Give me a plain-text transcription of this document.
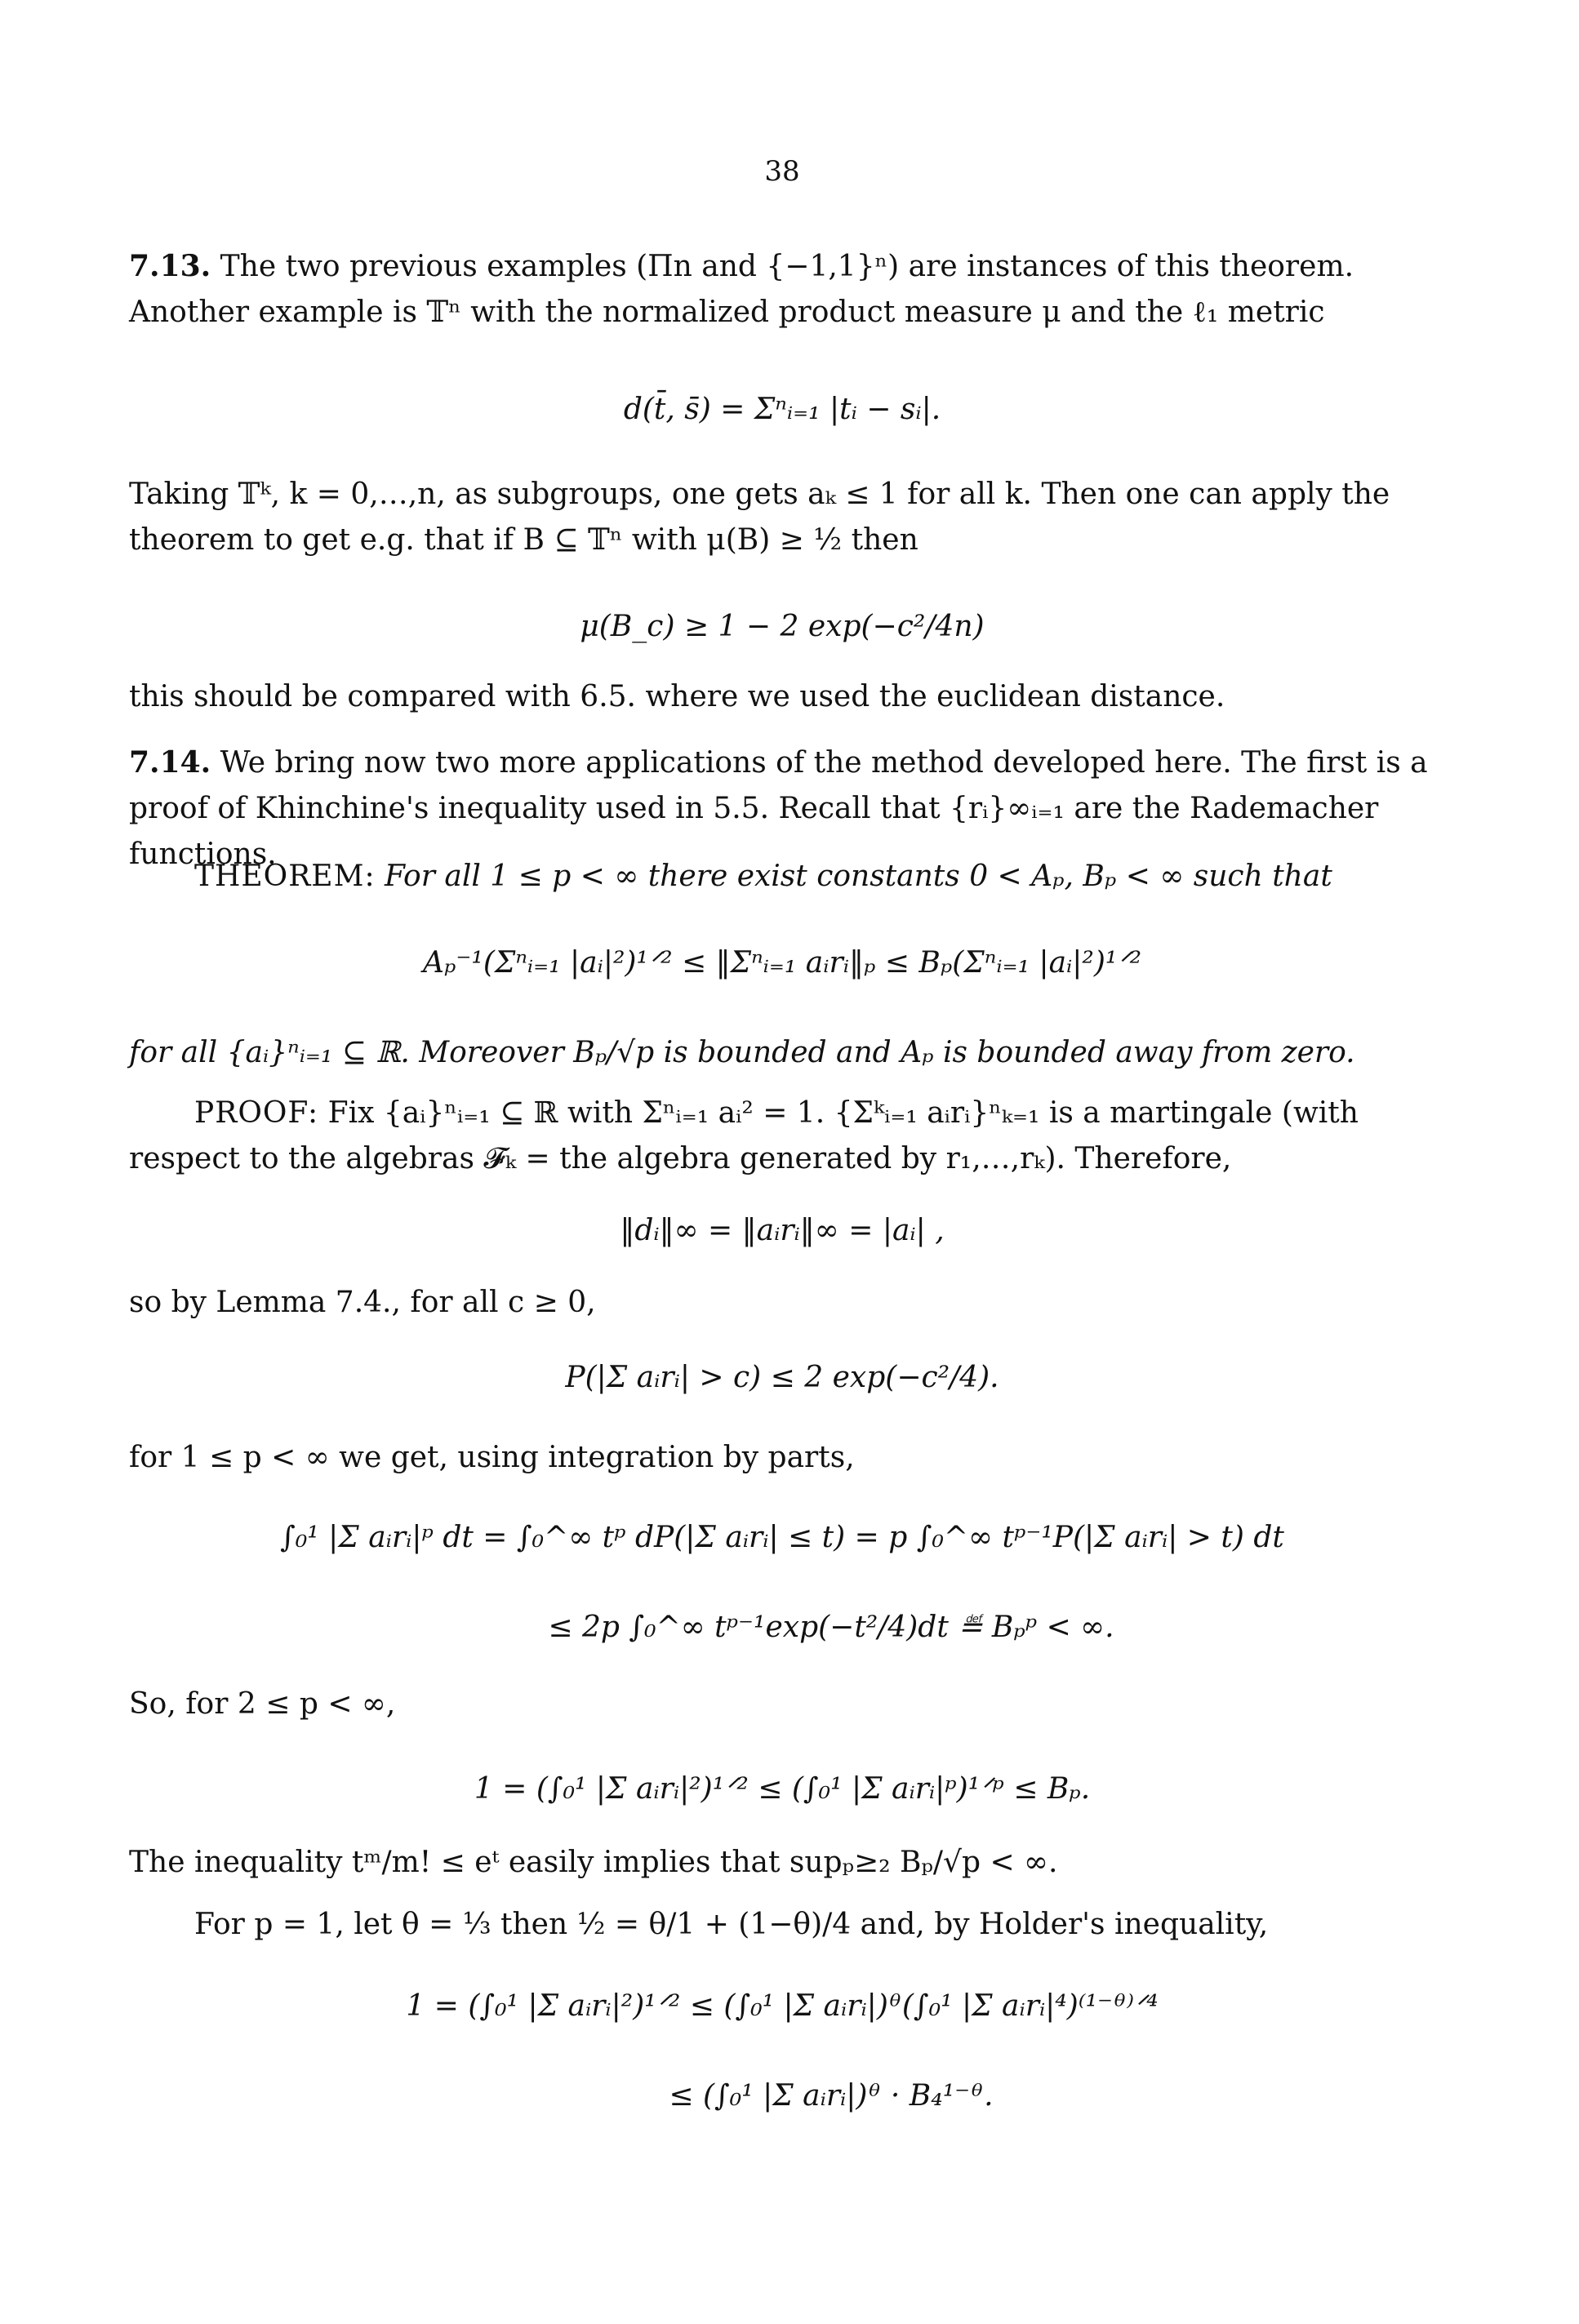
38

7.13. The two previous examples (Πn and {−1,1}ⁿ) are instances of this theorem. Another example is 𝕋ⁿ with the normalized product measure μ and the ℓ₁ metric

d(t̄, s̄) = Σⁿᵢ₌₁ |tᵢ − sᵢ|.

Taking 𝕋ᵏ, k = 0,…,n, as subgroups, one gets aₖ ≤ 1 for all k. Then one can apply the theorem to get e.g. that if B ⊆ 𝕋ⁿ with μ(B) ≥ ½ then

μ(B_c) ≥ 1 − 2 exp(−c²/4n)

this should be compared with 6.5. where we used the euclidean distance.

7.14. We bring now two more applications of the method developed here. The first is a proof of Khinchine's inequality used in 5.5. Recall that {rᵢ}∞ᵢ₌₁ are the Rademacher functions.

THEOREM: For all 1 ≤ p < ∞ there exist constants 0 < Aₚ, Bₚ < ∞ such that

Aₚ⁻¹(Σⁿᵢ₌₁ |aᵢ|²)¹ᐟ² ≤ ‖Σⁿᵢ₌₁ aᵢrᵢ‖ₚ ≤ Bₚ(Σⁿᵢ₌₁ |aᵢ|²)¹ᐟ²

for all {aᵢ}ⁿᵢ₌₁ ⊆ ℝ. Moreover Bₚ/√p is bounded and Aₚ is bounded away from zero.

PROOF: Fix {aᵢ}ⁿᵢ₌₁ ⊆ ℝ with Σⁿᵢ₌₁ aᵢ² = 1. {Σᵏᵢ₌₁ aᵢrᵢ}ⁿₖ₌₁ is a martingale (with respect to the algebras 𝓕ₖ = the algebra generated by r₁,…,rₖ). Therefore,

‖dᵢ‖∞ = ‖aᵢrᵢ‖∞ = |aᵢ| ,

so by Lemma 7.4., for all c ≥ 0,

P(|Σ aᵢrᵢ| > c) ≤ 2 exp(−c²/4).

for 1 ≤ p < ∞ we get, using integration by parts,

∫₀¹ |Σ aᵢrᵢ|ᵖ dt = ∫₀^∞ tᵖ dP(|Σ aᵢrᵢ| ≤ t) = p ∫₀^∞ tᵖ⁻¹P(|Σ aᵢrᵢ| > t) dt
≤ 2p ∫₀^∞ tᵖ⁻¹exp(−t²/4)dt ≝ Bₚᵖ < ∞.

So, for 2 ≤ p < ∞,

1 = (∫₀¹ |Σ aᵢrᵢ|²)¹ᐟ² ≤ (∫₀¹ |Σ aᵢrᵢ|ᵖ)¹ᐟᵖ ≤ Bₚ.

The inequality tᵐ/m! ≤ eᵗ easily implies that supₚ≥₂ Bₚ/√p < ∞.

For p = 1, let θ = ⅓ then ½ = θ/1 + (1−θ)/4 and, by Holder's inequality,

1 = (∫₀¹ |Σ aᵢrᵢ|²)¹ᐟ² ≤ (∫₀¹ |Σ aᵢrᵢ|)ᶿ(∫₀¹ |Σ aᵢrᵢ|⁴)⁽¹⁻ᶿ⁾ᐟ⁴
≤ (∫₀¹ |Σ aᵢrᵢ|)ᶿ · B₄¹⁻ᶿ.
